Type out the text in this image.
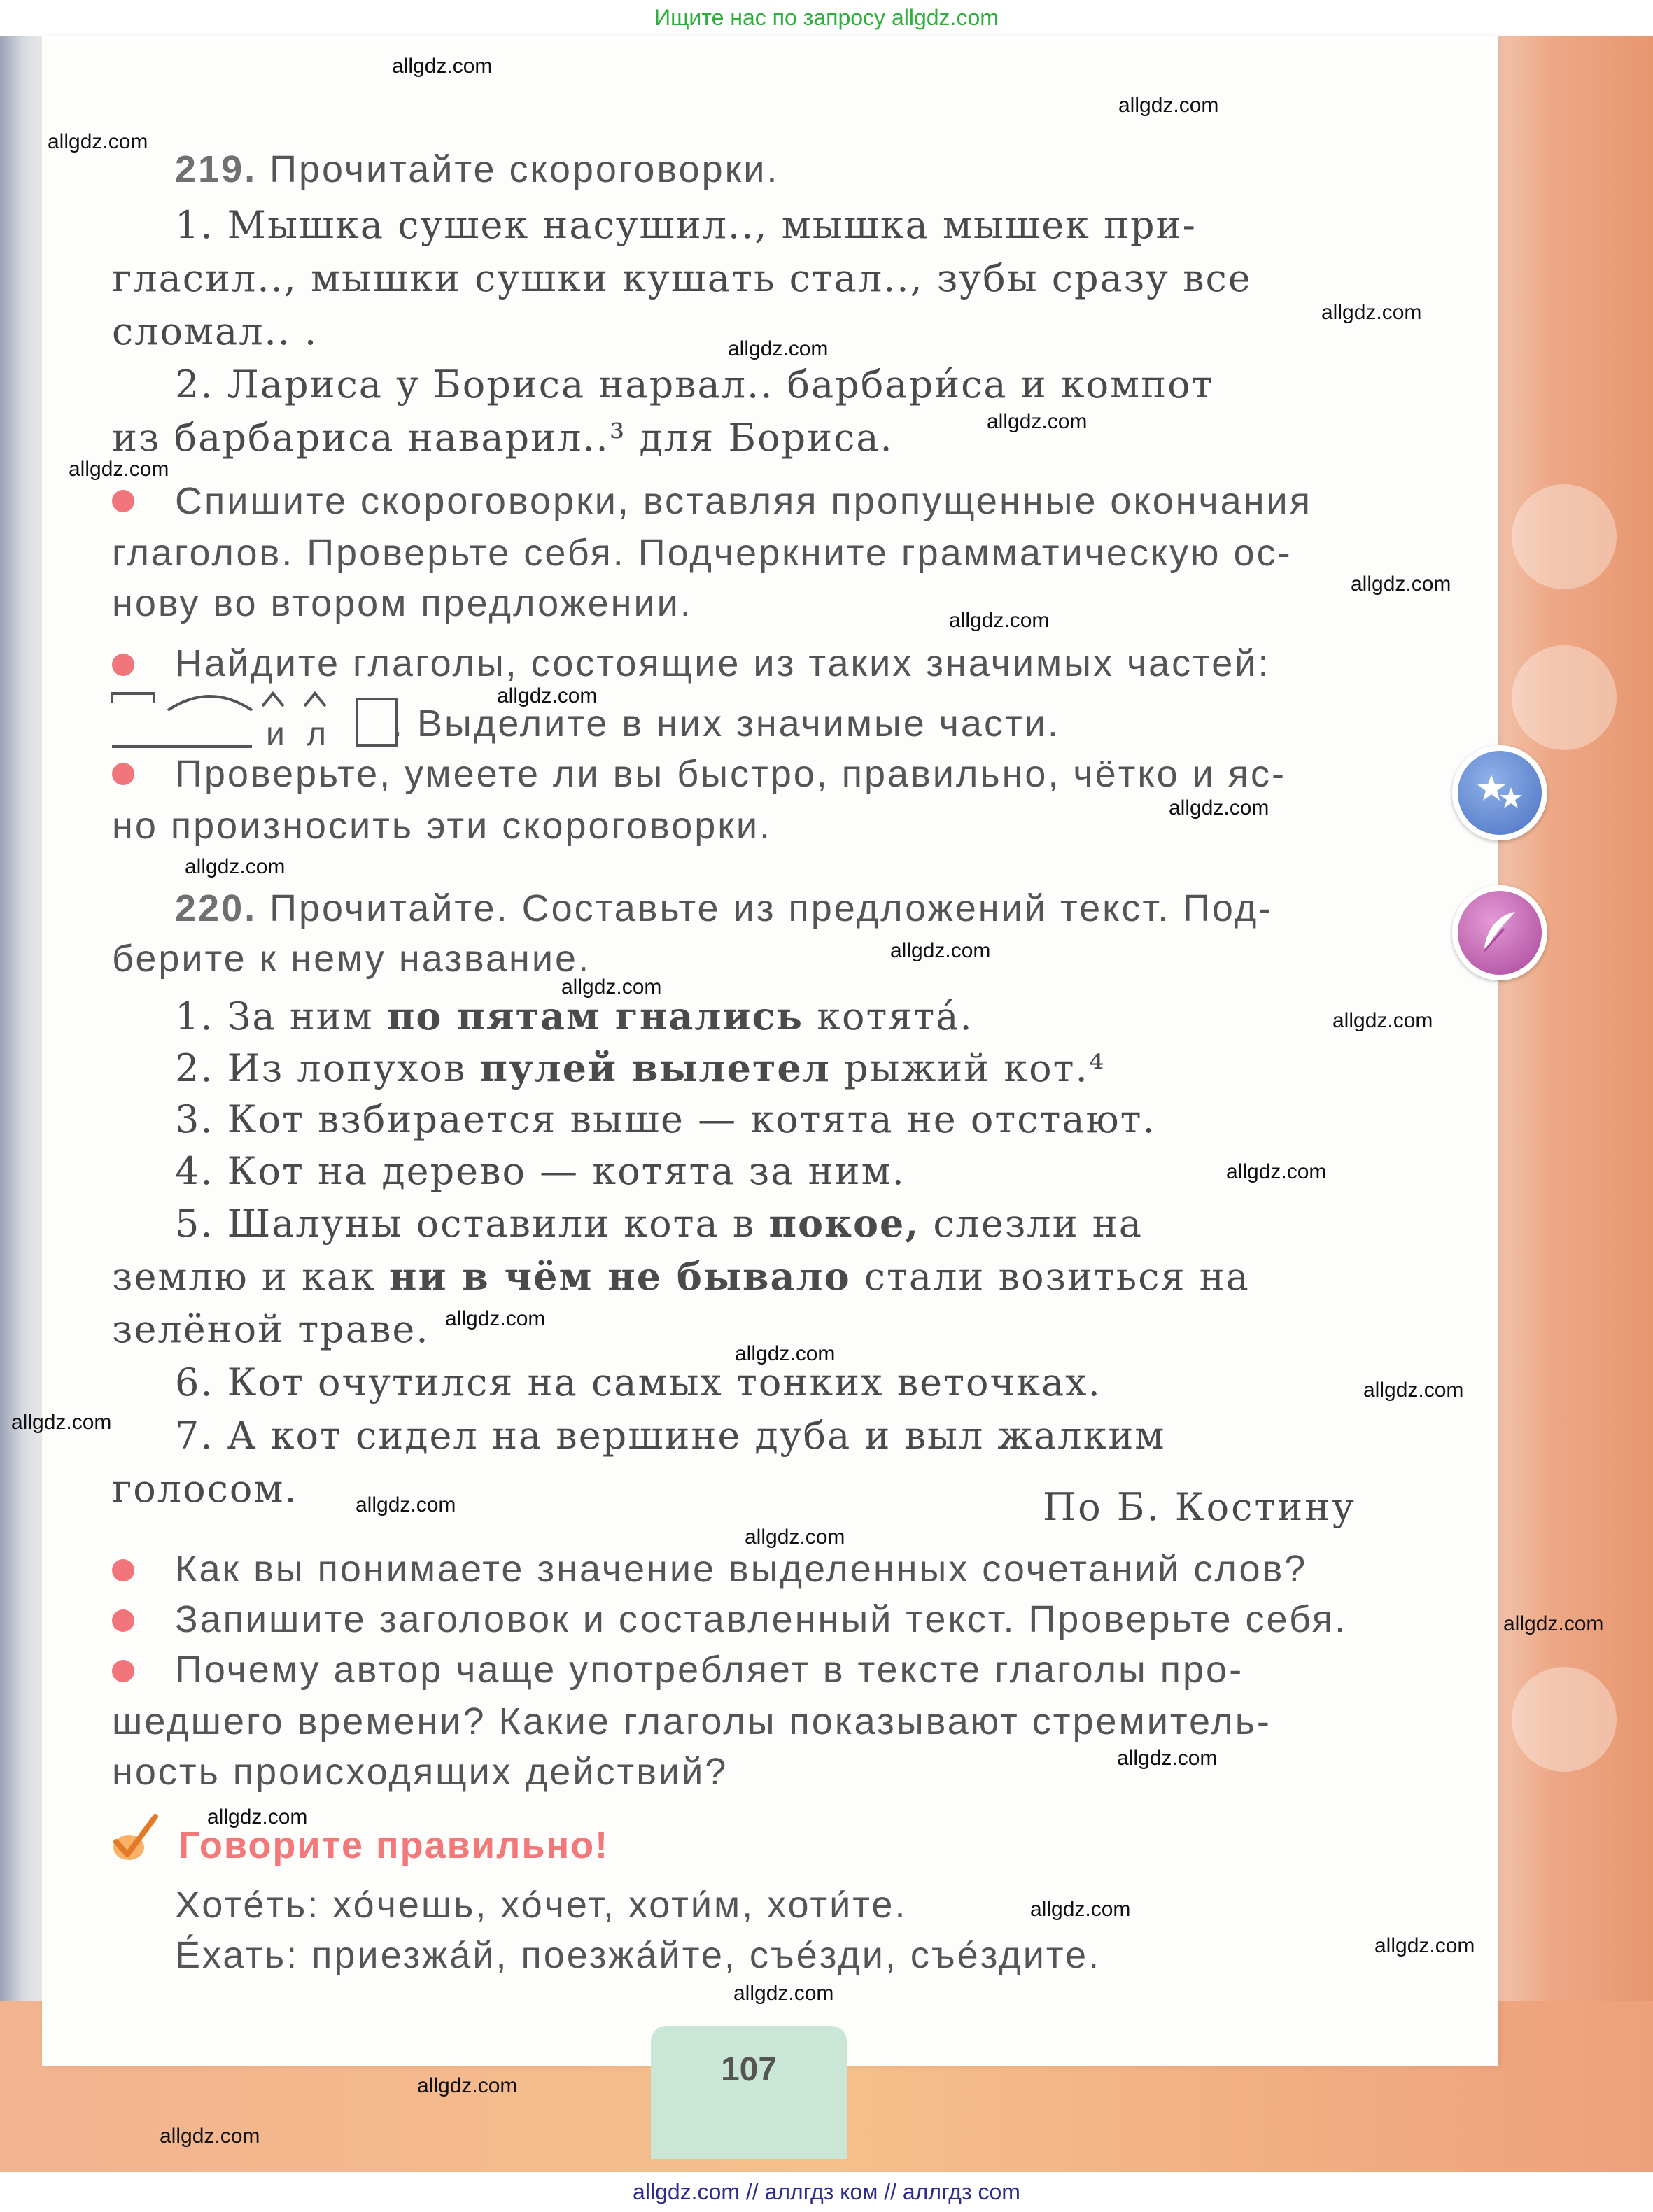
Ищите нас по запросу allgdz.com
107
219. Прочитайте скороговорки.
1. Мышка сушек насушил.., мышка мышек при-
гласил.., мышки сушки кушать стал.., зубы сразу все
сломал.. .
2. Лариса у Бориса нарвал.. барбари́са и компот
из барбариса наварил..³ для Бориса.
Спишите скороговорки, вставляя пропущенные окончания
глаголов. Проверьте себя. Подчеркните грамматическую ос-
нову во втором предложении.
Найдите глаголы, состоящие из таких значимых частей:
и л . Выделите в них значимые части.
Проверьте, умеете ли вы быстро, правильно, чётко и яс-
но произносить эти скороговорки.
220. Прочитайте. Составьте из предложений текст. Под-
берите к нему название.
1. За ним по пятам гнались котятá.
2. Из лопухов пулей вылетел рыжий кот.⁴
3. Кот взбирается выше — котята не отстают.
4. Кот на дерево — котята за ним.
5. Шалуны оставили кота в покое, слезли на
землю и как ни в чём не бывало стали возиться на
зелёной траве.
6. Кот очутился на самых тонких веточках.
7. А кот сидел на вершине дуба и выл жалким
голосом.	По Б. Костину
Как вы понимаете значение выделенных сочетаний слов?
Запишите заголовок и составленный текст. Проверьте себя.
Почему автор чаще употребляет в тексте глаголы про-
шедшего времени? Какие глаголы показывают стремитель-
ность происходящих действий?
Говорите правильно!
Хоте́ть: хо́чешь, хо́чет, хоти́м, хоти́те.
Е́хать: приезжа́й, поезжа́йте, съе́зди, съе́здите.
allgdz.com
allgdz.com
allgdz.com
allgdz.com
allgdz.com
allgdz.com
allgdz.com
allgdz.com
allgdz.com
allgdz.com
allgdz.com
allgdz.com
allgdz.com
allgdz.com
allgdz.com
allgdz.com
allgdz.com
allgdz.com
allgdz.com
allgdz.com
allgdz.com
allgdz.com
allgdz.com
allgdz.com
allgdz.com
allgdz.com
allgdz.com
allgdz.com
allgdz.com
allgdz.com
allgdz.com // аллгдз ком // аллгдз com
